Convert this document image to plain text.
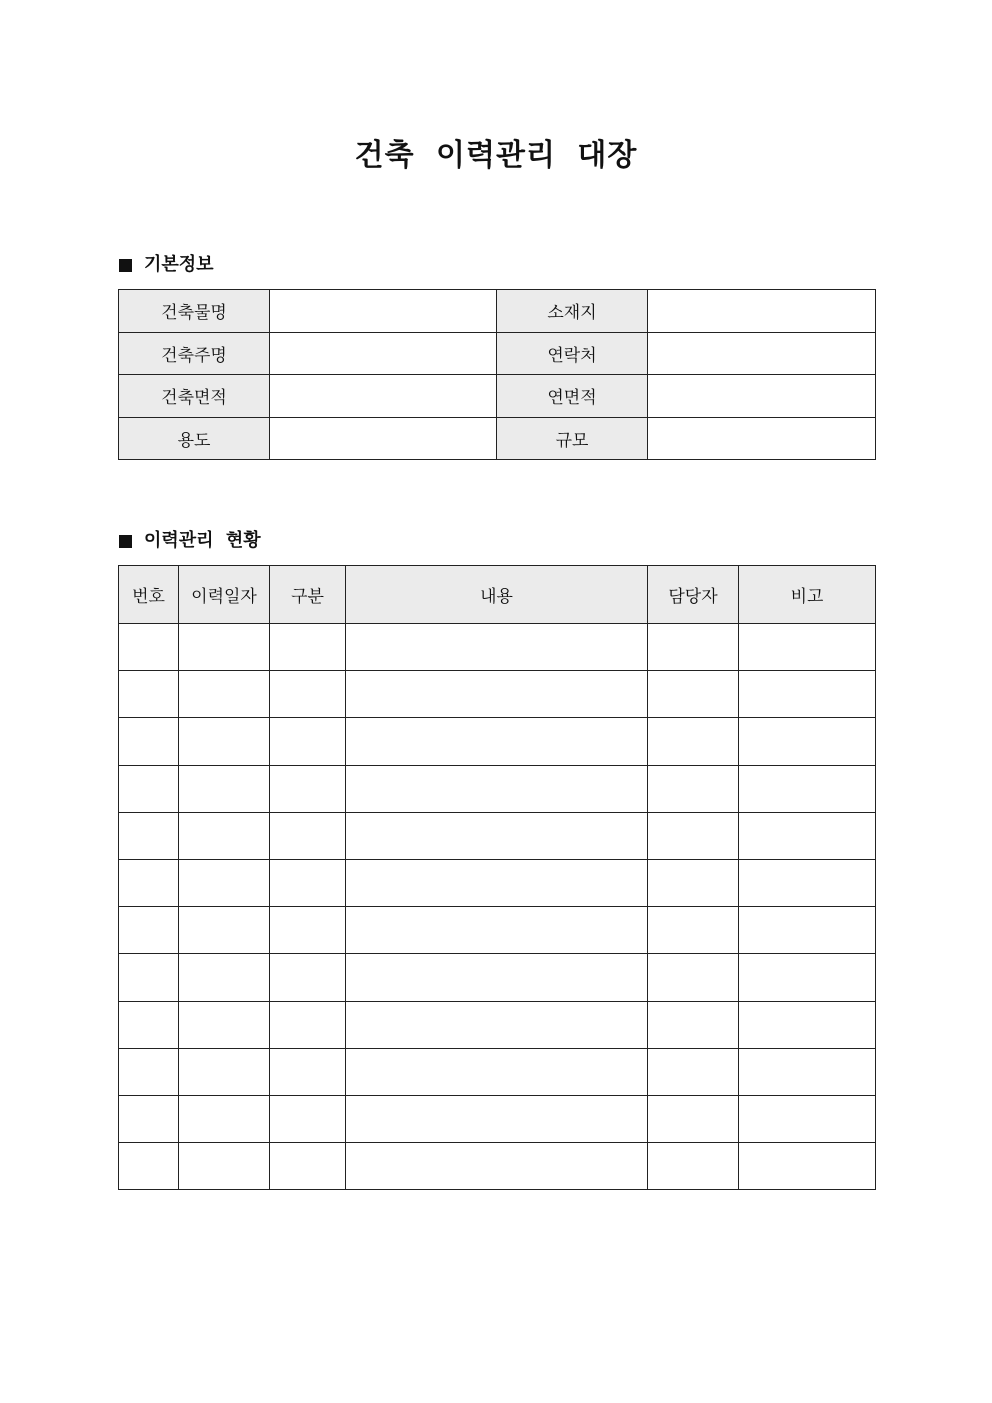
건축 이력관리 대장
기본정보
건축물명		소재지	
건축주명		연락처	
건축면적		연면적	
용도		규모	
이력관리 현황
번호	이력일자	구분	내용	담당자	비고
